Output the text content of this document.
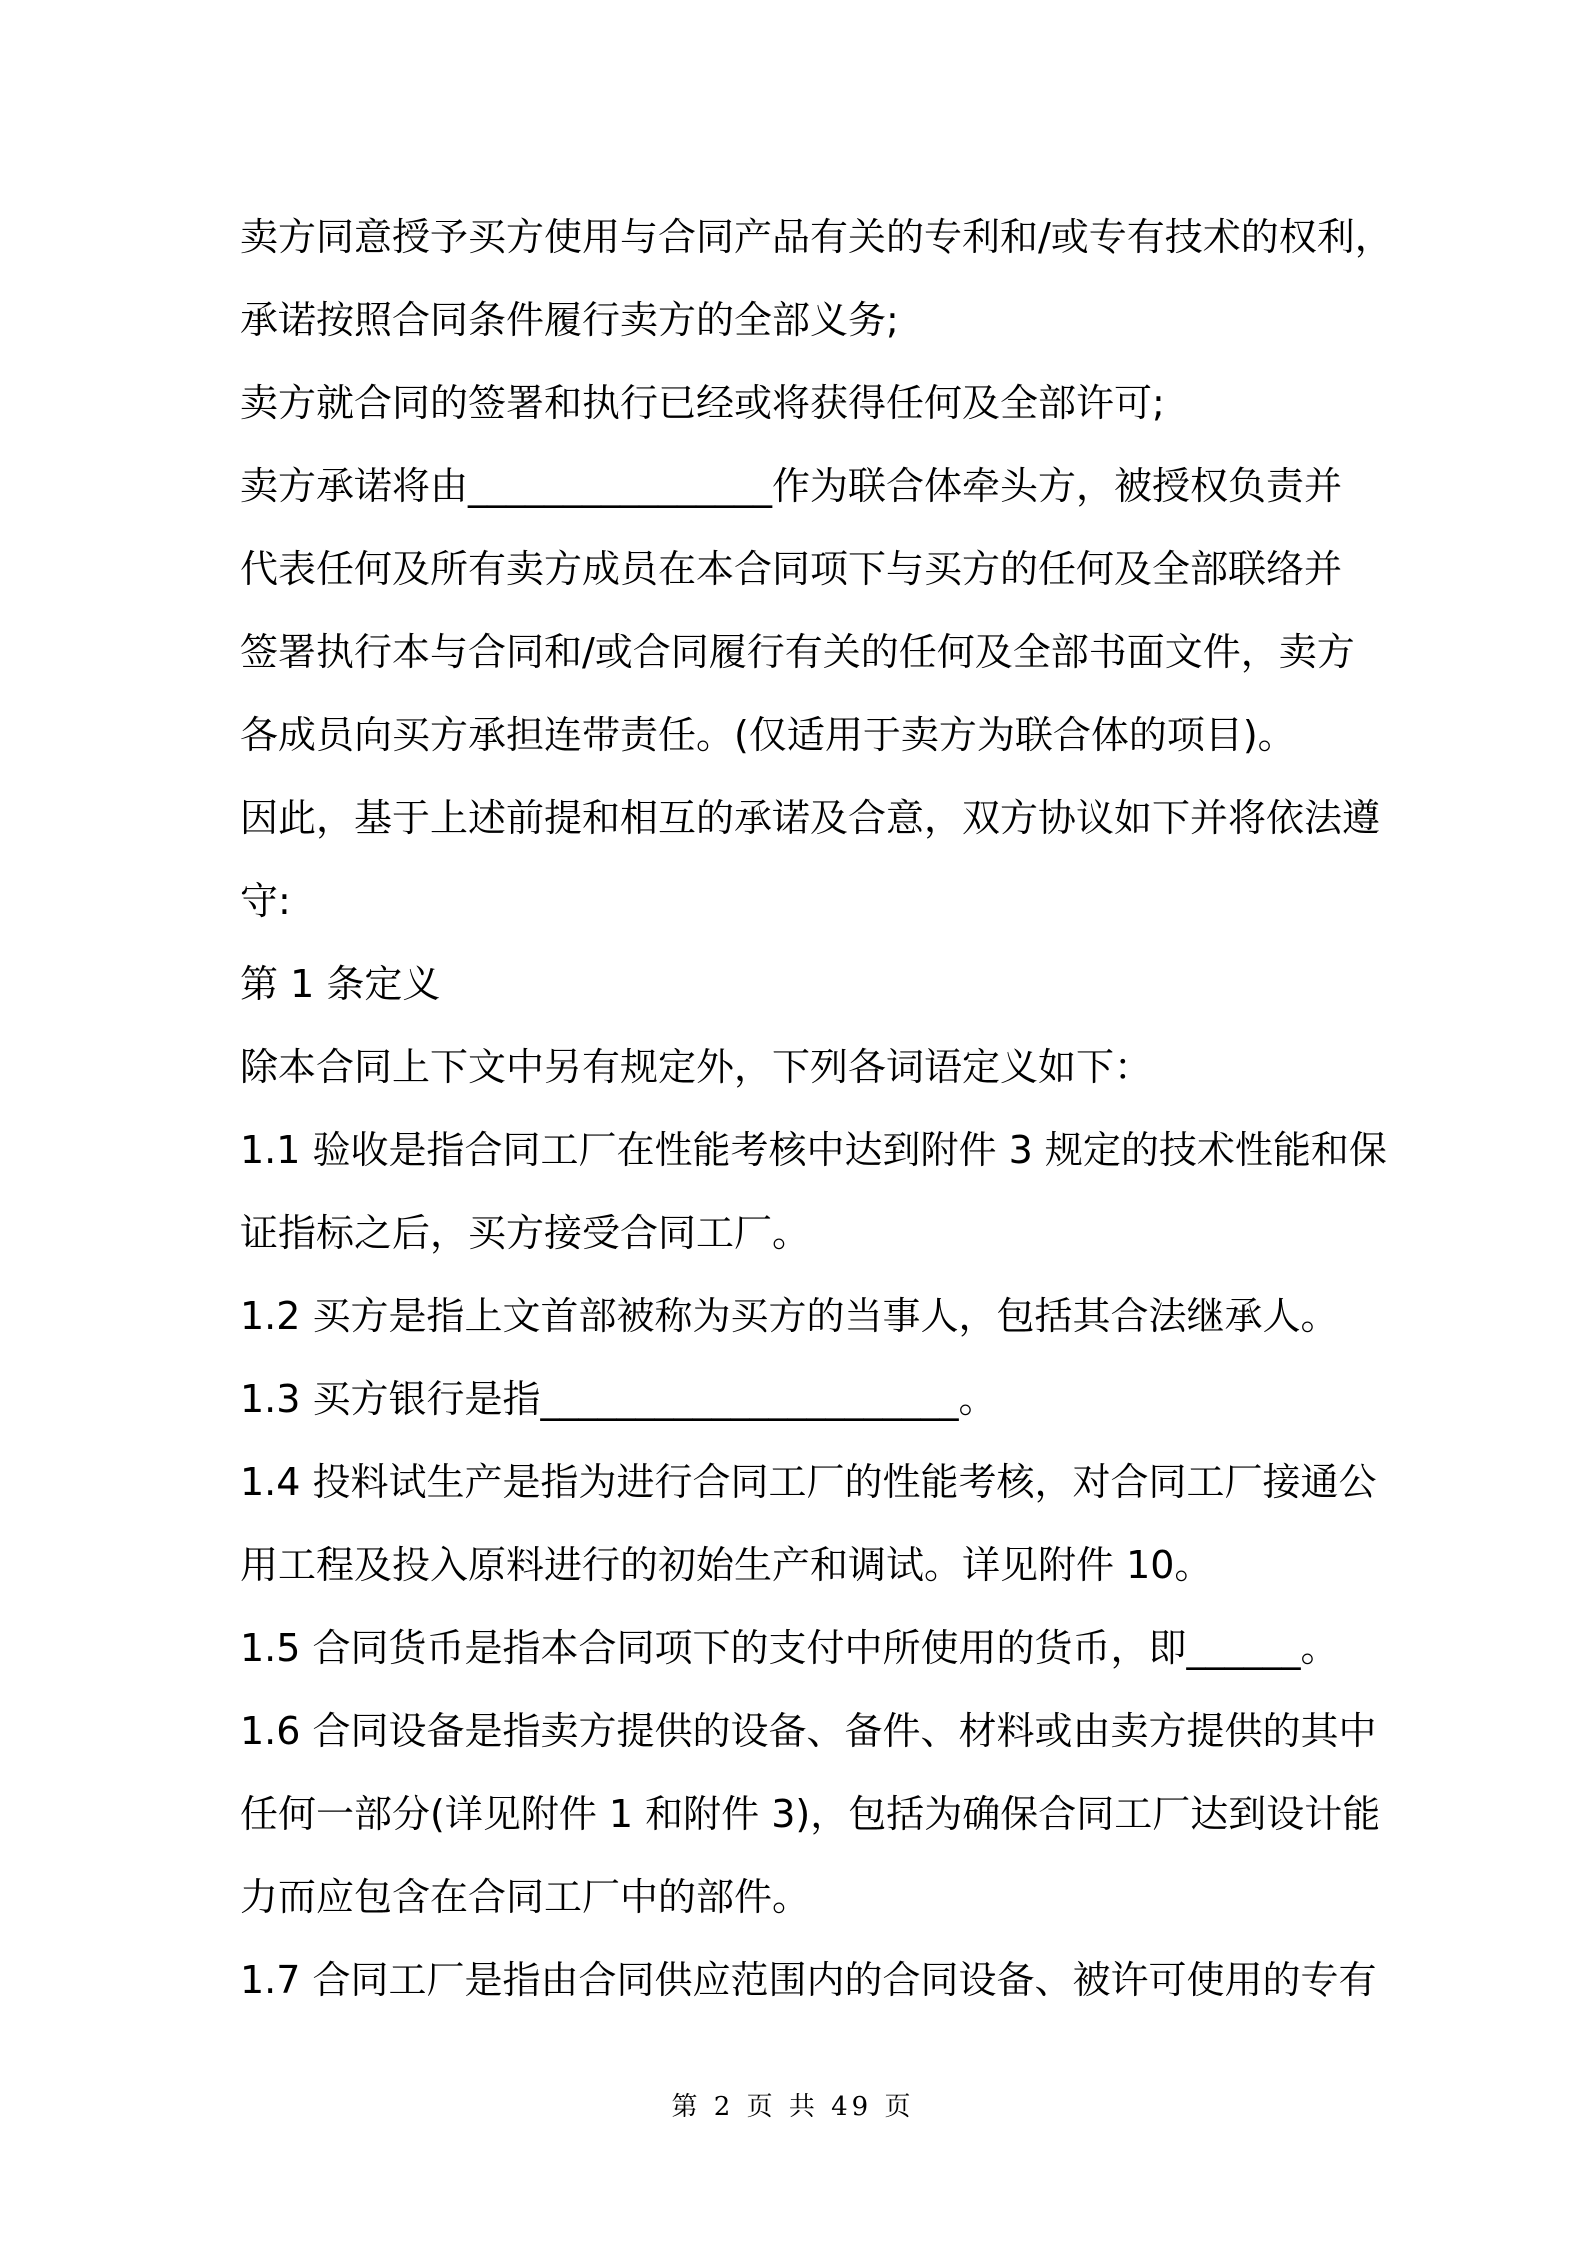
卖方同意授予买方使用与合同产品有关的专利和/或专有技术的权利，
承诺按照合同条件履行卖方的全部义务;
卖方就合同的签署和执行已经或将获得任何及全部许可;
卖方承诺将由________________作为联合体牵头方，被授权负责并
代表任何及所有卖方成员在本合同项下与买方的任何及全部联络并
签署执行本与合同和/或合同履行有关的任何及全部书面文件，卖方
各成员向买方承担连带责任。(仅适用于卖方为联合体的项目)。
因此，基于上述前提和相互的承诺及合意，双方协议如下并将依法遵
守:
第 1 条定义
除本合同上下文中另有规定外，下列各词语定义如下：
1.1 验收是指合同工厂在性能考核中达到附件 3 规定的技术性能和保
证指标之后，买方接受合同工厂。
1.2 买方是指上文首部被称为买方的当事人，包括其合法继承人。
1.3 买方银行是指______________________。
1.4 投料试生产是指为进行合同工厂的性能考核，对合同工厂接通公
用工程及投入原料进行的初始生产和调试。详见附件 10。
1.5 合同货币是指本合同项下的支付中所使用的货币，即______。
1.6 合同设备是指卖方提供的设备、备件、材料或由卖方提供的其中
任何一部分(详见附件 1 和附件 3)，包括为确保合同工厂达到设计能
力而应包含在合同工厂中的部件。
1.7 合同工厂是指由合同供应范围内的合同设备、被许可使用的专有
第 2 页 共 49 页
